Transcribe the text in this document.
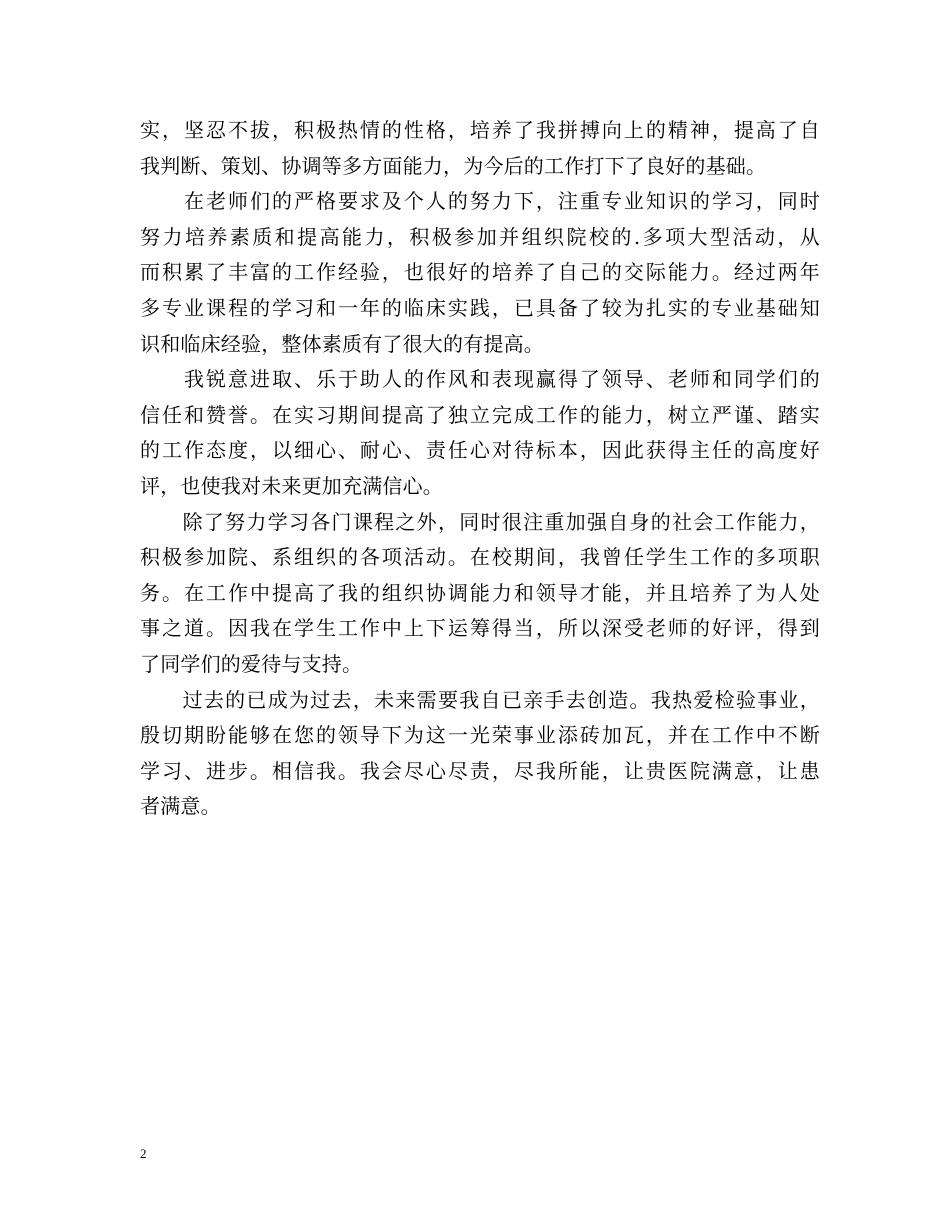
实，坚忍不拔，积极热情的性格，培养了我拼搏向上的精神，提高了自
我判断、策划、协调等多方面能力，为今后的工作打下了良好的基础。
　　在老师们的严格要求及个人的努力下，注重专业知识的学习，同时
努力培养素质和提高能力，积极参加并组织院校的.多项大型活动，从
而积累了丰富的工作经验，也很好的培养了自己的交际能力。经过两年
多专业课程的学习和一年的临床实践，已具备了较为扎实的专业基础知
识和临床经验，整体素质有了很大的有提高。
　　我锐意进取、乐于助人的作风和表现赢得了领导、老师和同学们的
信任和赞誉。在实习期间提高了独立完成工作的能力，树立严谨、踏实
的工作态度，以细心、耐心、责任心对待标本，因此获得主任的高度好
评，也使我对未来更加充满信心。
　　除了努力学习各门课程之外，同时很注重加强自身的社会工作能力，
积极参加院、系组织的各项活动。在校期间，我曾任学生工作的多项职
务。在工作中提高了我的组织协调能力和领导才能，并且培养了为人处
事之道。因我在学生工作中上下运筹得当，所以深受老师的好评，得到
了同学们的爱待与支持。
　　过去的已成为过去，未来需要我自已亲手去创造。我热爱检验事业，
殷切期盼能够在您的领导下为这一光荣事业添砖加瓦，并在工作中不断
学习、进步。相信我。我会尽心尽责，尽我所能，让贵医院满意，让患
者满意。
2
